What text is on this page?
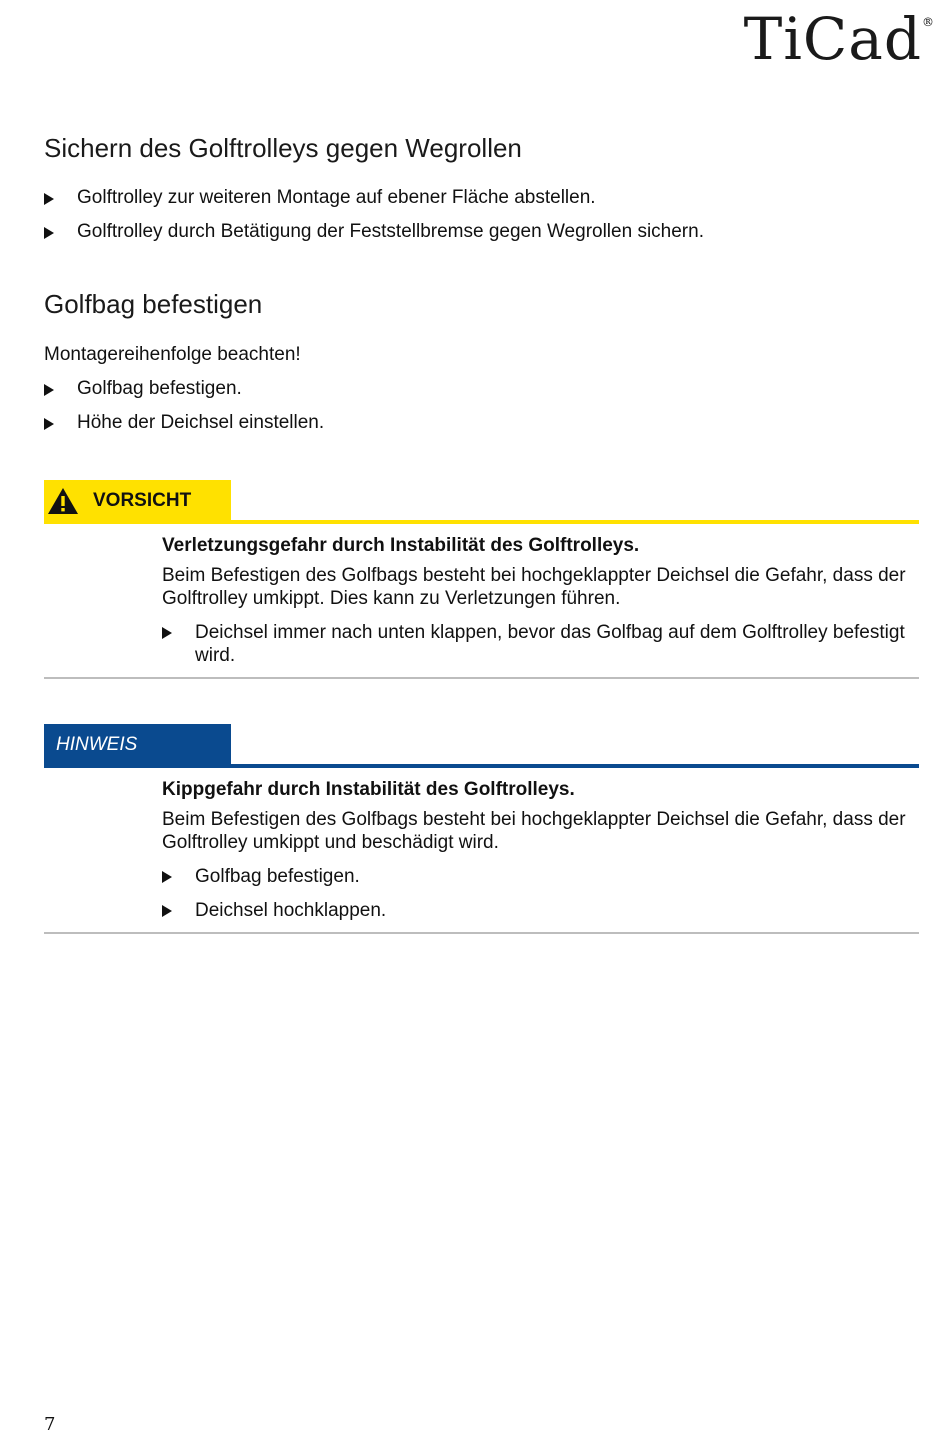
TiCad ®
Sichern des Golftrolleys gegen Wegrollen
Golftrolley zur weiteren Montage auf ebener Fläche abstellen.
Golftrolley durch Betätigung der Feststellbremse gegen Wegrollen sichern.
Golfbag befestigen

Montagereihenfolge beachten!

Golfbag befestigen.
Höhe der Deichsel einstellen.
VORSICHT
Verletzungsgefahr durch Instabilität des Golftrolleys.
Beim Befestigen des Golfbags besteht bei hochgeklappter Deichsel die Gefahr, dass der Golftrolley umkippt. Dies kann zu Verletzungen führen.
Deichsel immer nach unten klappen, bevor das Golfbag auf dem Golftrolley befestigt wird.
HINWEIS
Kippgefahr durch Instabilität des Golftrolleys.
Beim Befestigen des Golfbags besteht bei hochgeklappter Deichsel die Gefahr, dass der Golftrolley umkippt und beschädigt wird.
Golfbag befestigen.
Deichsel hochklappen.
7
